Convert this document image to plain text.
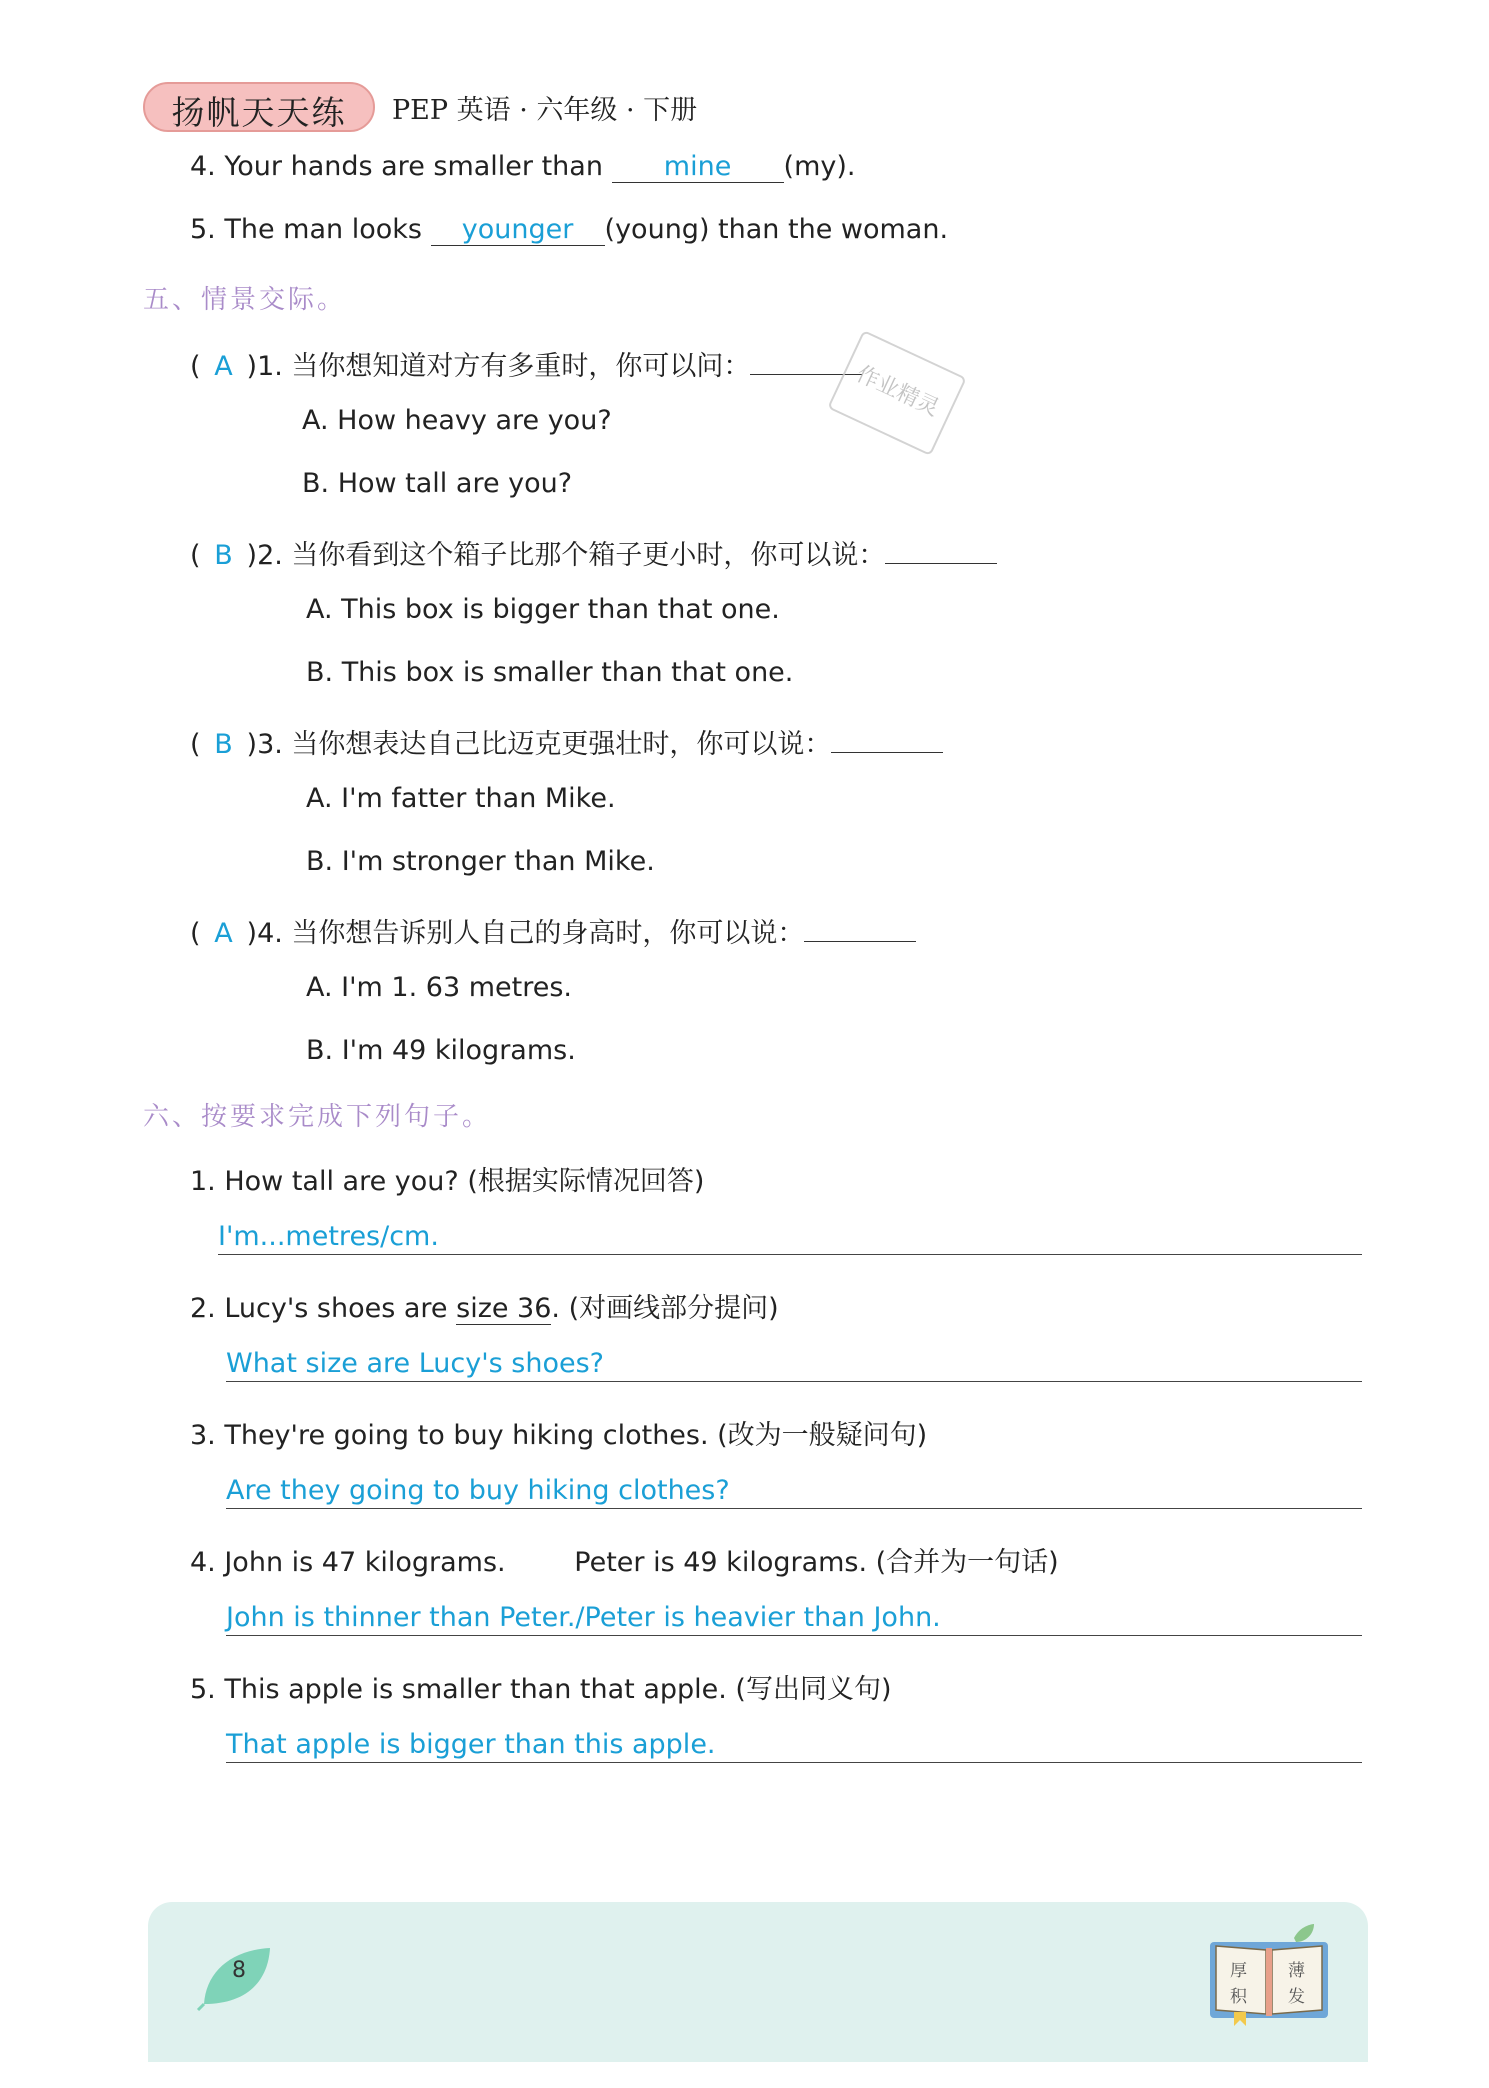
扬帆天天练	PEP 英语 · 六年级 · 下册
4. Your hands are smaller than mine (my).
5. The man looks younger (young) than the woman.
五、情景交际。
( A )1. 当你想知道对方有多重时，你可以问：
A. How heavy are you?
B. How tall are you?
( B )2. 当你看到这个箱子比那个箱子更小时，你可以说：
A. This box is bigger than that one.
B. This box is smaller than that one.
( B )3. 当你想表达自己比迈克更强壮时，你可以说：
A. I'm fatter than Mike.
B. I'm stronger than Mike.
( A )4. 当你想告诉别人自己的身高时，你可以说：
A. I'm 1. 63 metres.
B. I'm 49 kilograms.
作业精灵
六、按要求完成下列句子。
1. How tall are you? (根据实际情况回答)
I'm...metres/cm.
2. Lucy's shoes are size 36. (对画线部分提问)
What size are Lucy's shoes?
3. They're going to buy hiking clothes. (改为一般疑问句)
Are they going to buy hiking clothes?
4. John is 47 kilograms.        Peter is 49 kilograms. (合并为一句话)
John is thinner than Peter./Peter is heavier than John.
5. This apple is smaller than that apple. (写出同义句)
That apple is bigger than this apple.
8	厚 薄
积 发
